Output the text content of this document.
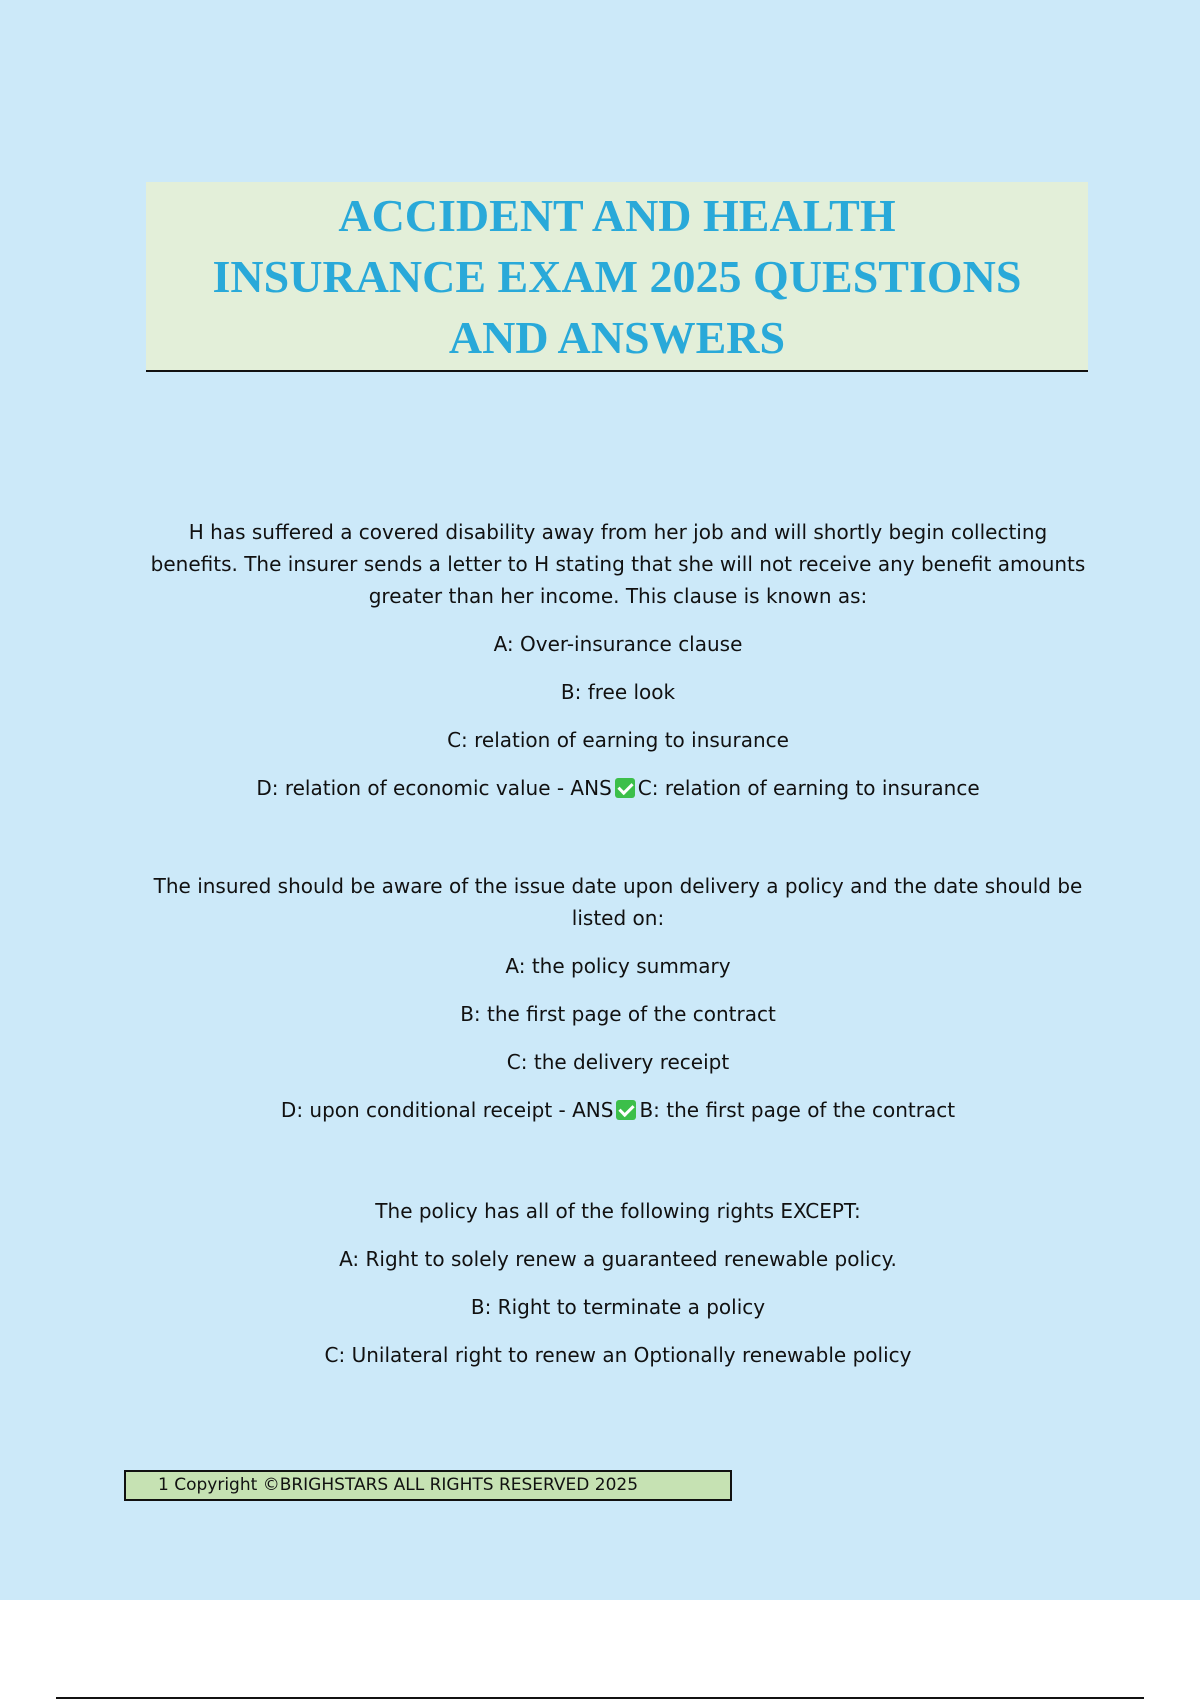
ACCIDENT AND HEALTH
INSURANCE EXAM 2025 QUESTIONS
AND ANSWERS
H has suffered a covered disability away from her job and will shortly begin collecting benefits. The insurer sends a letter to H stating that she will not receive any benefit amounts greater than her income. This clause is known as:
A: Over-insurance clause
B: free look
C: relation of earning to insurance
D: relation of economic value - ANS C: relation of earning to insurance
The insured should be aware of the issue date upon delivery a policy and the date should be listed on:
A: the policy summary
B: the first page of the contract
C: the delivery receipt
D: upon conditional receipt - ANS B: the first page of the contract
The policy has all of the following rights EXCEPT:
A: Right to solely renew a guaranteed renewable policy.
B: Right to terminate a policy
C: Unilateral right to renew an Optionally renewable policy
1 Copyright ©BRIGHSTARS ALL RIGHTS RESERVED 2025
